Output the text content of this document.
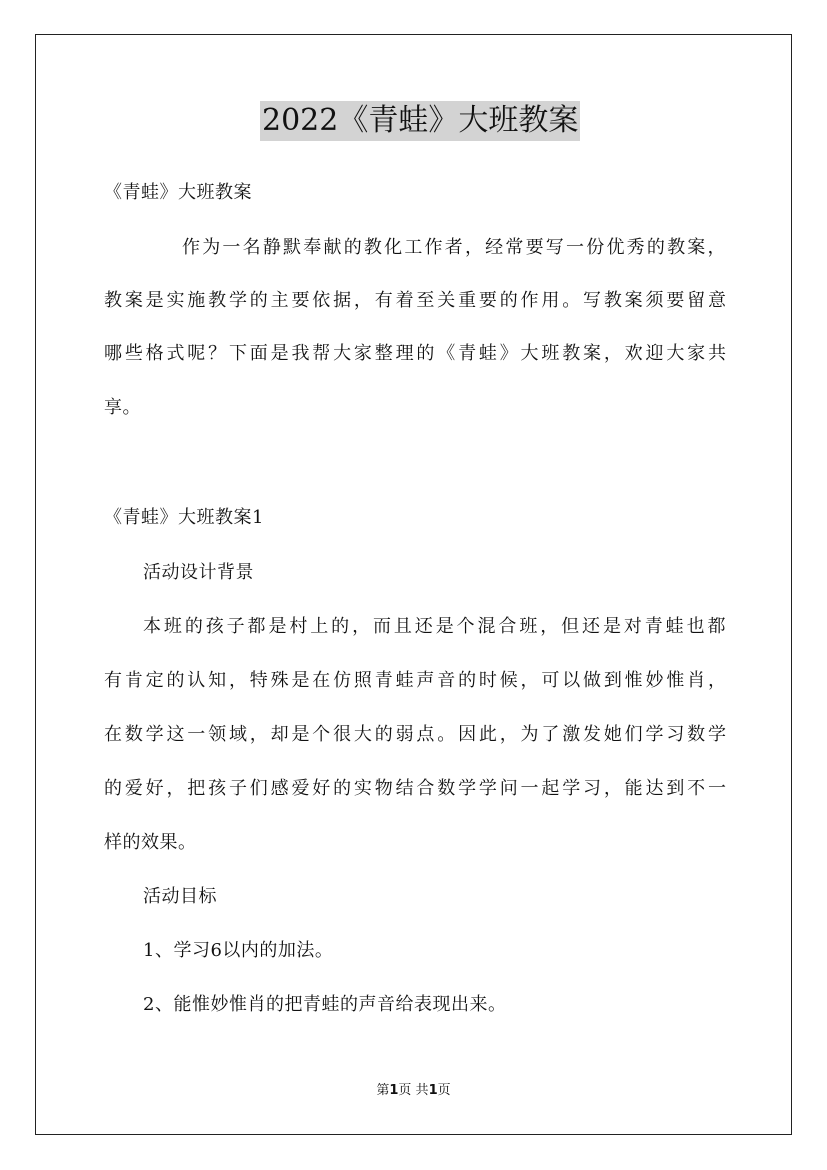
2022《青蛙》大班教案
《青蛙》大班教案
作为一名静默奉献的教化工作者，经常要写一份优秀的教案，
教案是实施教学的主要依据，有着至关重要的作用。写教案须要留意
哪些格式呢？下面是我帮大家整理的《青蛙》大班教案，欢迎大家共
享。
《青蛙》大班教案1
活动设计背景
本班的孩子都是村上的，而且还是个混合班，但还是对青蛙也都
有肯定的认知，特殊是在仿照青蛙声音的时候，可以做到惟妙惟肖，
在数学这一领域，却是个很大的弱点。因此，为了激发她们学习数学
的爱好，把孩子们感爱好的实物结合数学学问一起学习，能达到不一
样的效果。
活动目标
1、学习6以内的加法。
2、能惟妙惟肖的把青蛙的声音给表现出来。
第1页 共1页
